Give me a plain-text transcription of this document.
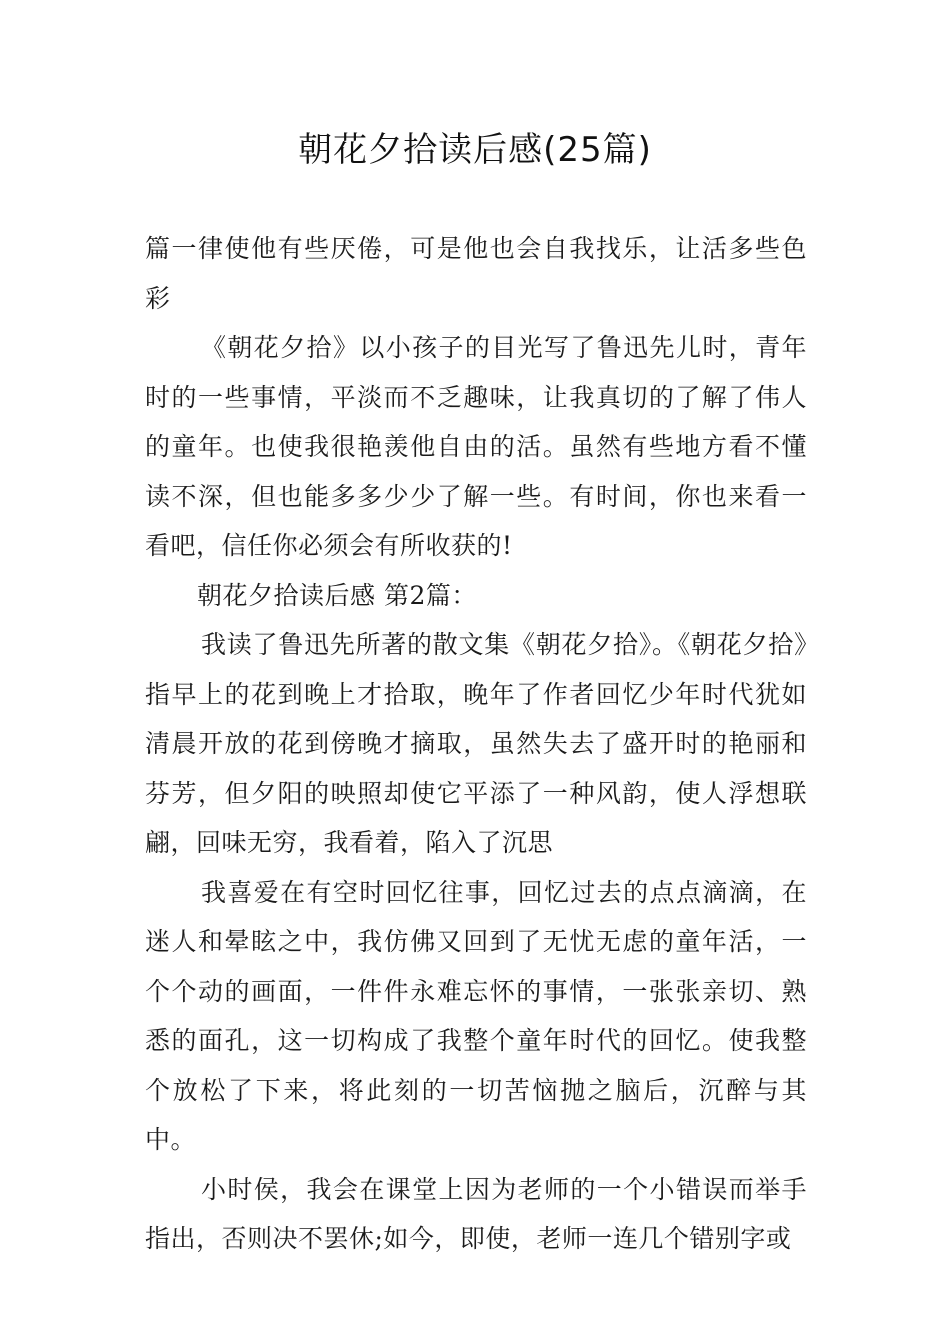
朝花夕拾读后感(25篇)

篇一律使他有些厌倦，可是他也会自我找乐，让活多些色彩

《朝花夕拾》以小孩子的目光写了鲁迅先儿时，青年时的一些事情，平淡而不乏趣味，让我真切的了解了伟人的童年。也使我很艳羡他自由的活。虽然有些地方看不懂读不深，但也能多多少少了解一些。有时间，你也来看一看吧，信任你必须会有所收获的!

朝花夕拾读后感 第2篇：

我读了鲁迅先所著的散文集《朝花夕拾》。《朝花夕拾》指早上的花到晚上才拾取，晚年了作者回忆少年时代犹如清晨开放的花到傍晚才摘取，虽然失去了盛开时的艳丽和芬芳，但夕阳的映照却使它平添了一种风韵，使人浮想联翩，回味无穷，我看着，陷入了沉思

我喜爱在有空时回忆往事，回忆过去的点点滴滴，在迷人和晕眩之中，我仿佛又回到了无忧无虑的童年活，一个个动的画面，一件件永难忘怀的事情，一张张亲切、熟悉的面孔，这一切构成了我整个童年时代的回忆。使我整个放松了下来，将此刻的一切苦恼抛之脑后，沉醉与其中。

小时侯，我会在课堂上因为老师的一个小错误而举手指出，否则决不罢休;如今，即使，老师一连几个错别字或
